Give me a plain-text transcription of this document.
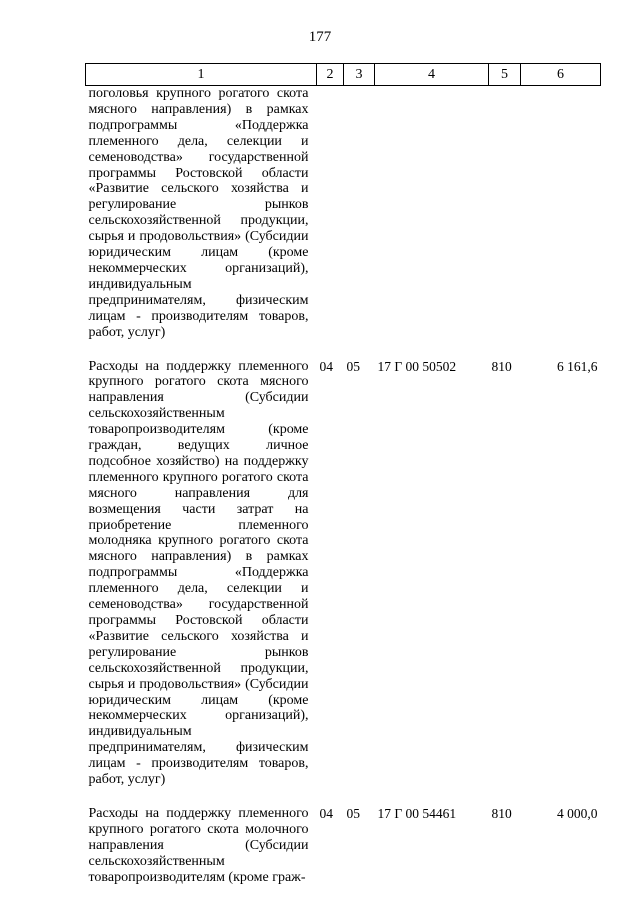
177
1	2	3	4	5	6
поголовья крупного рогатого скота мясного направления) в рамках подпрограммы «Поддержка племенного дела, селекции и семеноводства» государственной программы Ростовской области «Развитие сельского хозяйства и регулирование рынков сельскохозяйственной продукции, сырья и продовольствия» (Субсидии юридическим лицам (кроме некоммерческих организаций), индивидуальным предпринимателям, физическим лицам - производителям товаров, работ, услуг)					
Расходы на поддержку племенного крупного рогатого скота мясного направления (Субсидии сельскохозяйственным товаропроизводителям (кроме граждан, ведущих личное подсобное хозяйство) на поддержку племенного крупного рогатого скота мясного направления для возмещения части затрат на приобретение племенного молодняка крупного рогатого скота мясного направления) в рамках подпрограммы «Поддержка племенного дела, селекции и семеноводства» государственной программы Ростовской области «Развитие сельского хозяйства и регулирование рынков сельскохозяйственной продукции, сырья и продовольствия» (Субсидии юридическим лицам (кроме некоммерческих организаций), индивидуальным предпринимателям, физическим лицам - производителям товаров, работ, услуг)	04	05	17 Г 00 50502	810	6 161,6
Расходы на поддержку племенного крупного рогатого скота молочного направления (Субсидии сельскохозяйственным товаропроизводителям (кроме граж-	04	05	17 Г 00 54461	810	4 000,0
